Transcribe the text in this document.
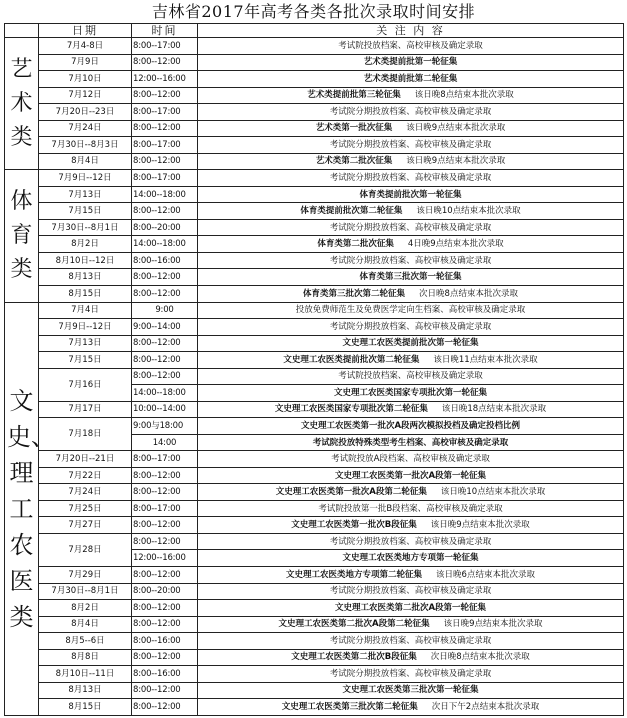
吉林省2017年高考各类各批次录取时间安排
	日期	时间	关 注 内 容
艺术类	7月4-8日	8:00--17:00	考试院投放档案、高校审核及确定录取
	7月9日	8:00--12:00	艺术类提前批第一轮征集
	7月10日	12:00--16:00	艺术类提前批第二轮征集
	7月12日	8:00--12:00	艺术类提前批第三轮征集 该日晚8点结束本批次录取
	7月20日--23日	8:00--17:00	考试院分期投放档案、高校审核及确定录取
	7月24日	8:00--12:00	艺术类第一批次征集 该日晚9点结束本批次录取
	7月30日--8月3日	8:00--17:00	考试院分期投放档案、高校审核及确定录取
	8月4日	8:00--12:00	艺术类第二批次征集 该日晚9点结束本批次录取
体育类	7月9日--12日	8:00--17:00	考试院分期投放档案、高校审核及确定录取
	7月13日	14:00--18:00	体育类提前批次第一轮征集
	7月15日	8:00--12:00	体育类提前批次第二轮征集 该日晚10点结束本批次录取
	7月30日--8月1日	8:00--20:00	考试院分期投放档案、高校审核及确定录取
	8月2日	14:00--18:00	体育类第二批次征集 4日晚9点结束本批次录取
	8月10日--12日	8:00--16:00	考试院分期投放档案、高校审核及确定录取
	8月13日	8:00--12:00	体育类第三批次第一轮征集
	8月15日	8:00--12:00	体育类第三批次第二轮征集 次日晚8点结束本批次录取
文史、理工农医类	7月4日	9:00	投放免费师范生及免费医学定向生档案、高校审核及确定录取
	7月9日--12日	9:00--14:00	考试院分期投放档案、高校审核及确定录取
	7月13日	8:00--12:00	文史理工农医类提前批次第一轮征集
	7月15日	8:00--12:00	文史理工农医类提前批次第二轮征集 该日晚11点结束本批次录取
	7月16日	8:00--12:00	考试院投放档案、高校审核及确定录取
		14:00--18:00	文史理工农医类国家专项批次第一轮征集
	7月17日	10:00--14:00	文史理工农医类国家专项批次第二轮征集 该日晚18点结束本批次录取
	7月18日	9:00与18:00	文史理工农医类第一批次A段两次模拟投档及确定投档比例
		14:00	考试院投放特殊类型考生档案、高校审核及确定录取
	7月20日--21日	8:00--17:00	考试院投放A段档案、高校审核及确定录取
	7月22日	8:00--12:00	文史理工农医类第一批次A段第一轮征集
	7月24日	8:00--12:00	文史理工农医类第一批次A段第二轮征集 该日晚10点结束本批次录取
	7月25日	8:00--17:00	考试院投放第一批B段档案、高校审核及确定录取
	7月27日	8:00--12:00	文史理工农医类第一批次B段征集 该日晚9点结束本批次录取
	7月28日	8:00--12:00	考试院分期投放档案、高校审核及确定录取
		12:00--16:00	文史理工农医类地方专项第一轮征集
	7月29日	8:00--12:00	文史理工农医类地方专项第二轮征集 该日晚6点结束本批次录取
	7月30日--8月1日	8:00--20:00	考试院分期投放档案、高校审核及确定录取
	8月2日	8:00--12:00	文史理工农医类第二批次A段第一轮征集
	8月4日	8:00--12:00	文史理工农医类第二批次A段第二轮征集 该日晚9点结束本批次录取
	8月5--6日	8:00--16:00	考试院分期投放档案、高校审核及确定录取
	8月8日	8:00--12:00	文史理工农医类第二批次B段征集 次日晚8点结束本批次录取
	8月10日--11日	8:00--16:00	考试院分期投放档案、高校审核及确定录取
	8月13日	8:00--12:00	文史理工农医类第三批次第一轮征集
	8月15日	8:00--12:00	文史理工农医类第三批次第二轮征集 次日下午2点结束本批次录取
